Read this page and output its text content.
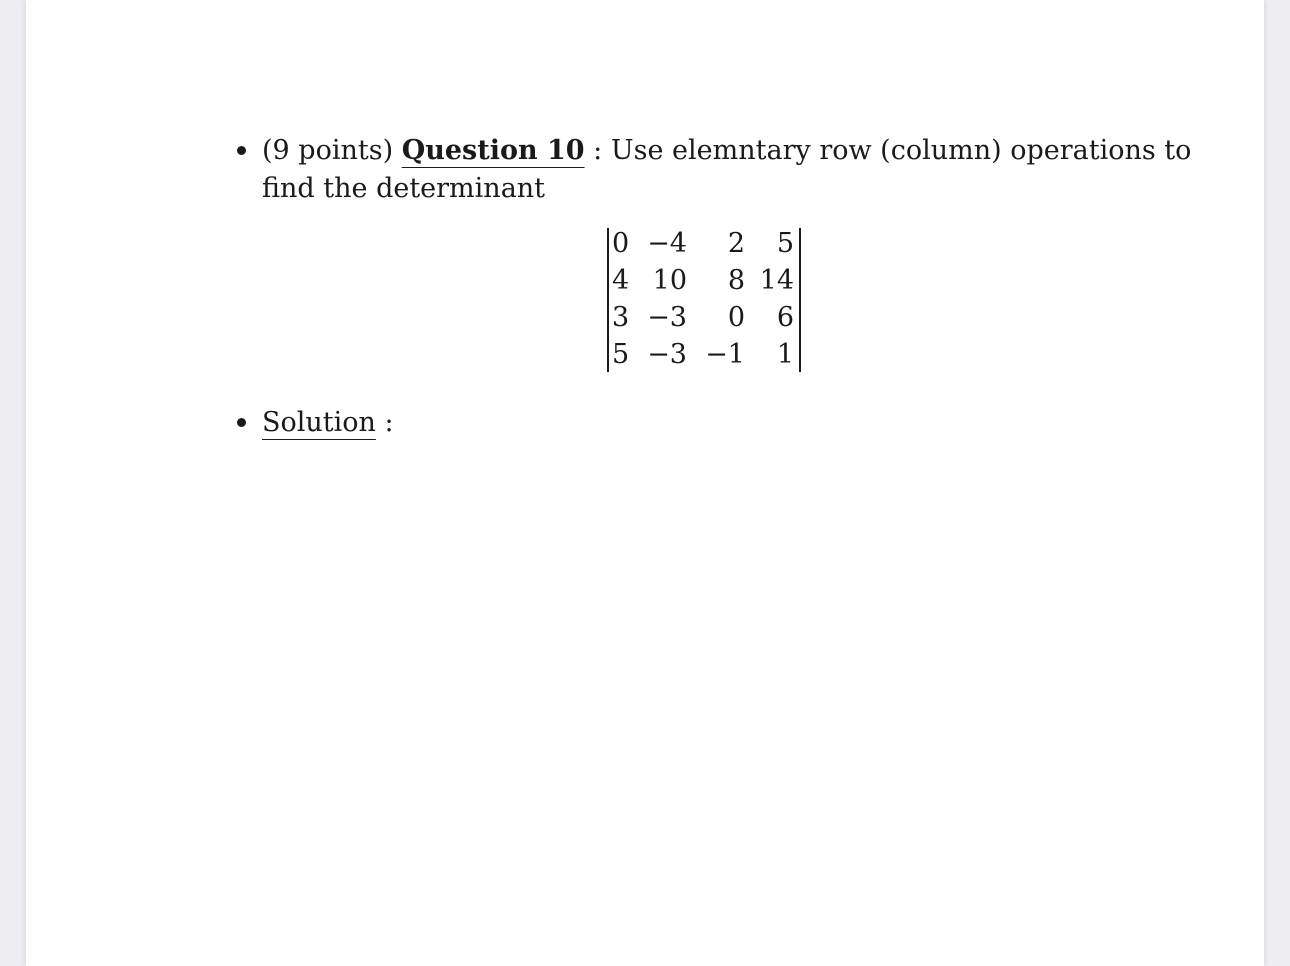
(9 points) Question 10 : Use elemntary row (column) operations to
find the determinant
0 −4 2 5
4 10 8 14
3 −3 0 6
5 −3 −1 1
Solution :
